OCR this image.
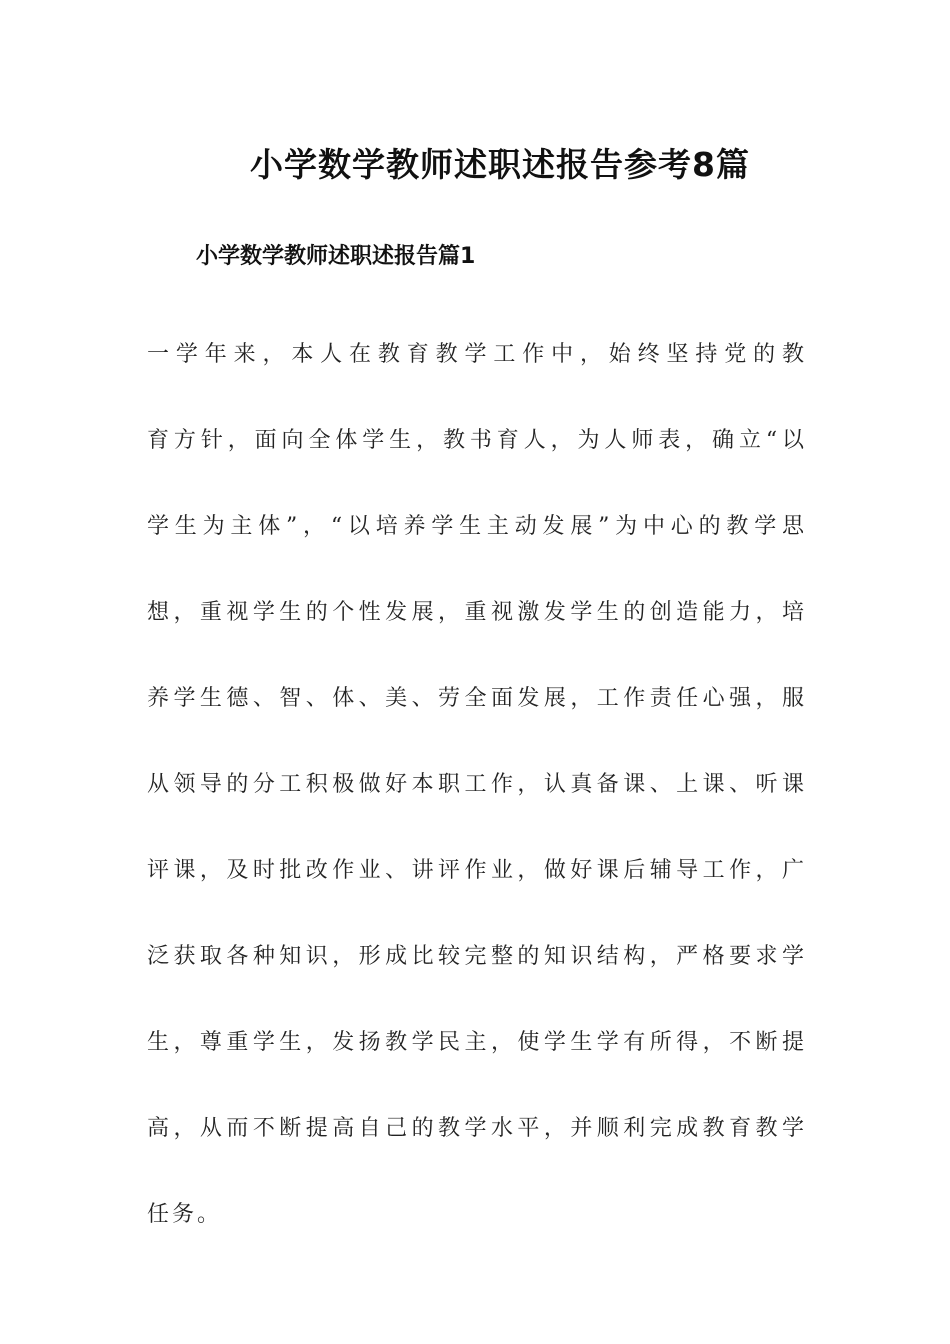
小学数学教师述职述报告参考8篇
小学数学教师述职述报告篇1
一学年来，本人在教育教学工作中，始终坚持党的教
育方针，面向全体学生，教书育人，为人师表，确立“以
学生为主体”，“以培养学生主动发展”为中心的教学思
想，重视学生的个性发展，重视激发学生的创造能力，培
养学生德、智、体、美、劳全面发展，工作责任心强，服
从领导的分工积极做好本职工作，认真备课、上课、听课
评课，及时批改作业、讲评作业，做好课后辅导工作，广
泛获取各种知识，形成比较完整的知识结构，严格要求学
生，尊重学生，发扬教学民主，使学生学有所得，不断提
高，从而不断提高自己的教学水平，并顺利完成教育教学
任务。
